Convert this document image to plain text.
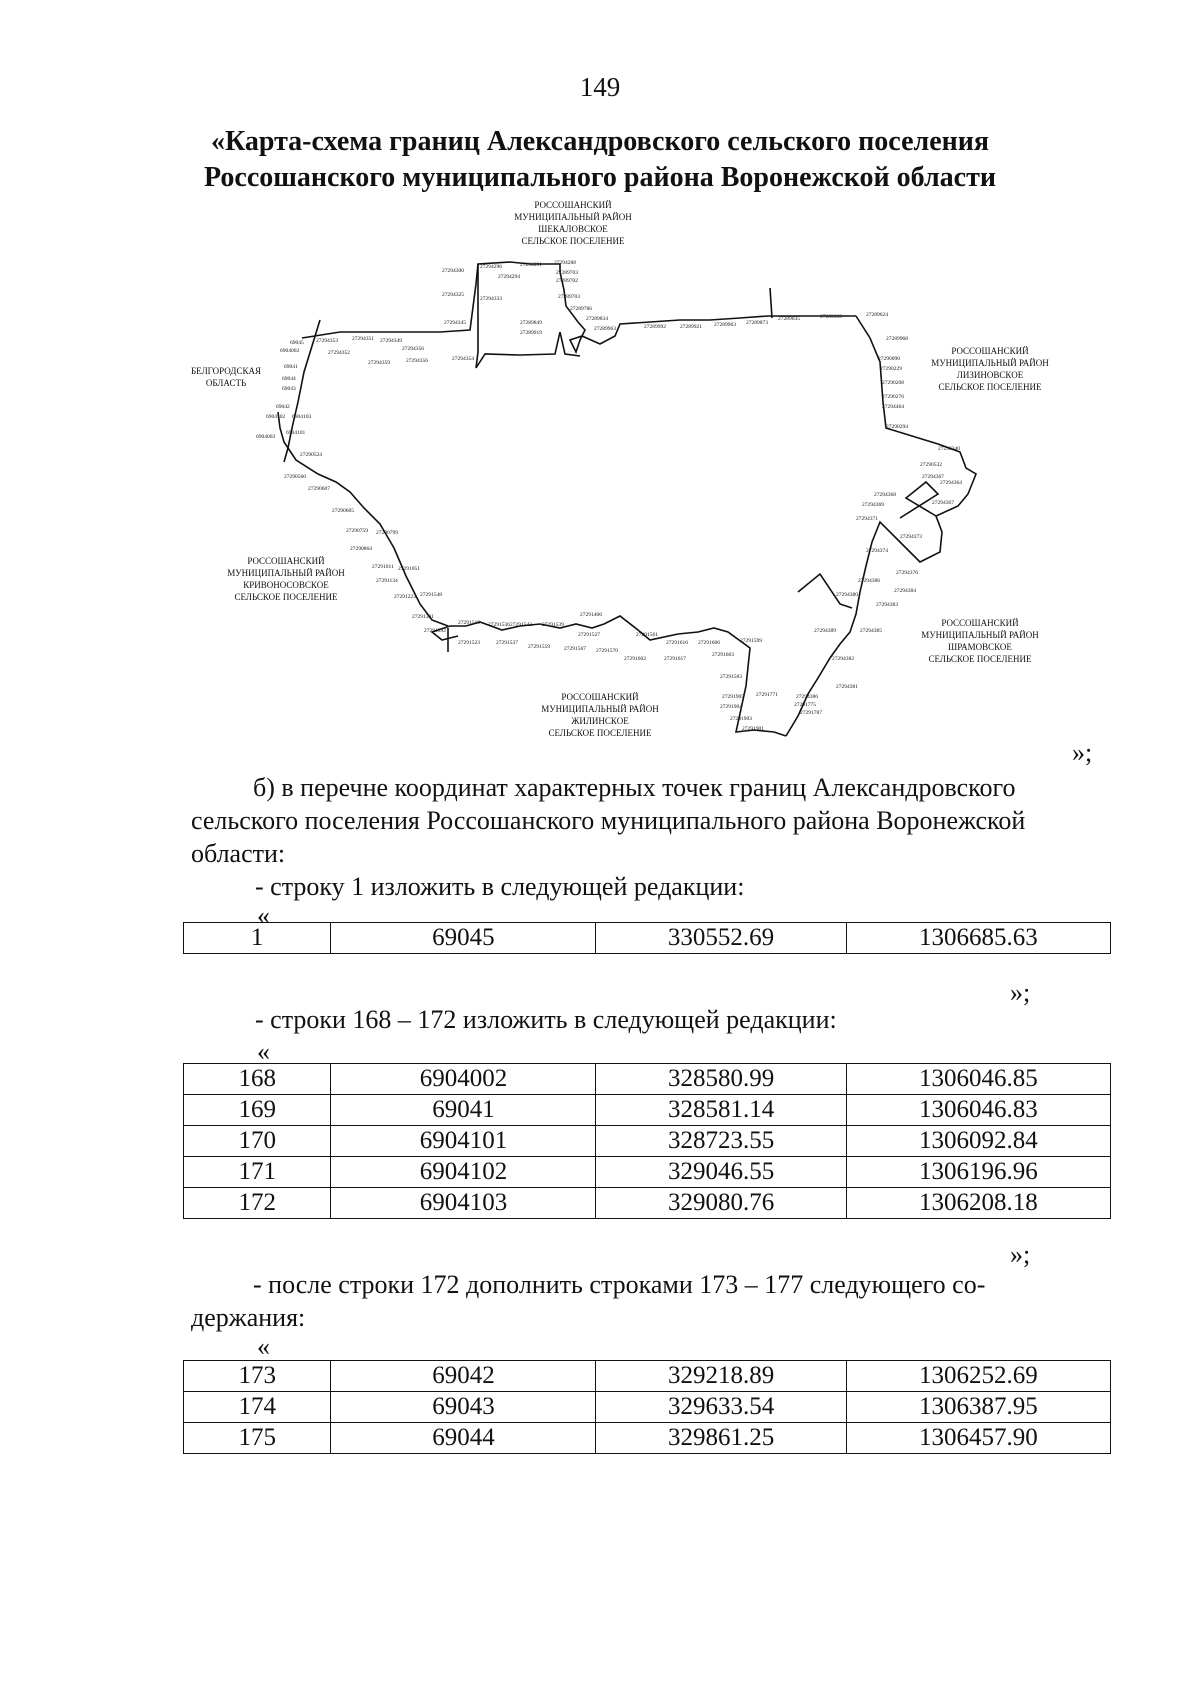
149
«Карта-схема границ Александровского сельского поселения
Россошанского муниципального района Воронежской области
РОССОШАНСКИЙ
МУНИЦИПАЛЬНЫЙ РАЙОН
ШЕКАЛОВСКОЕ
СЕЛЬСКОЕ ПОСЕЛЕНИЕ
БЕЛГОРОДСКАЯ
ОБЛАСТЬ
РОССОШАНСКИЙ
МУНИЦИПАЛЬНЫЙ РАЙОН
ЛИЗИНОВСКОЕ
СЕЛЬСКОЕ ПОСЕЛЕНИЕ
РОССОШАНСКИЙ
МУНИЦИПАЛЬНЫЙ РАЙОН
КРИВОНОСОВСКОЕ
СЕЛЬСКОЕ ПОСЕЛЕНИЕ
РОССОШАНСКИЙ
МУНИЦИПАЛЬНЫЙ РАЙОН
ШРАМОВСКОЕ
СЕЛЬСКОЕ ПОСЕЛЕНИЕ
РОССОШАНСКИЙ
МУНИЦИПАЛЬНЫЙ РАЙОН
ЖИЛИНСКОЕ
СЕЛЬСКОЕ ПОСЕЛЕНИЕ
27294300
27294296	27294291 27294288
27294294
27289703
27289702
27294325
27294333	27289703
27289786
27294345	27289849
27289834
27289919
27289963	27289992	27289921 27289963 27289873
27289035	27289639	27289624
27289968
69045 27294353	27294351 27294349
6904002	27294352
27294356
27294359	27294356	27294354
69041
69044
69043
27290090
27290229
27290208
27290276
27294464
69042
6904102 6904103
6904101
6904002
27290294
27290524
27290560
27290607
27290605
27290759 27290799
27290864
27291011 27291051
27291134
27291548
27291223
27291381
27291592
27291510 27291536 27291542 27291539
27291406
27291527	27291561
27291616 27291606	27291599
27291523	27291537
27291559	27291567 27291570
27291602	27291617
27291603
27291583
27291905 27291771	27294386
27291775
27291787
27291904
27291903
27291901
27294369	27294367
27294368
27294371
27294373
27294374
27294376
27294386
27294384
27294380
27294383
27294389	27294385
27294382
27294381
27290340
27290532
27294367
27294364
»;
б) в перечне координат характерных точек границ Александровского
сельского поселения Россошанского муниципального района Воронежской
области:
- строку 1 изложить в следующей редакции:
«
1	69045	330552.69	1306685.63
»;
- строки 168 – 172 изложить в следующей редакции:
«
168	6904002	328580.99	1306046.85
169	69041	328581.14	1306046.83
170	6904101	328723.55	1306092.84
171	6904102	329046.55	1306196.96
172	6904103	329080.76	1306208.18
»;
- после строки 172 дополнить строками 173 – 177 следующего со-
держания:
«
173	69042	329218.89	1306252.69
174	69043	329633.54	1306387.95
175	69044	329861.25	1306457.90
